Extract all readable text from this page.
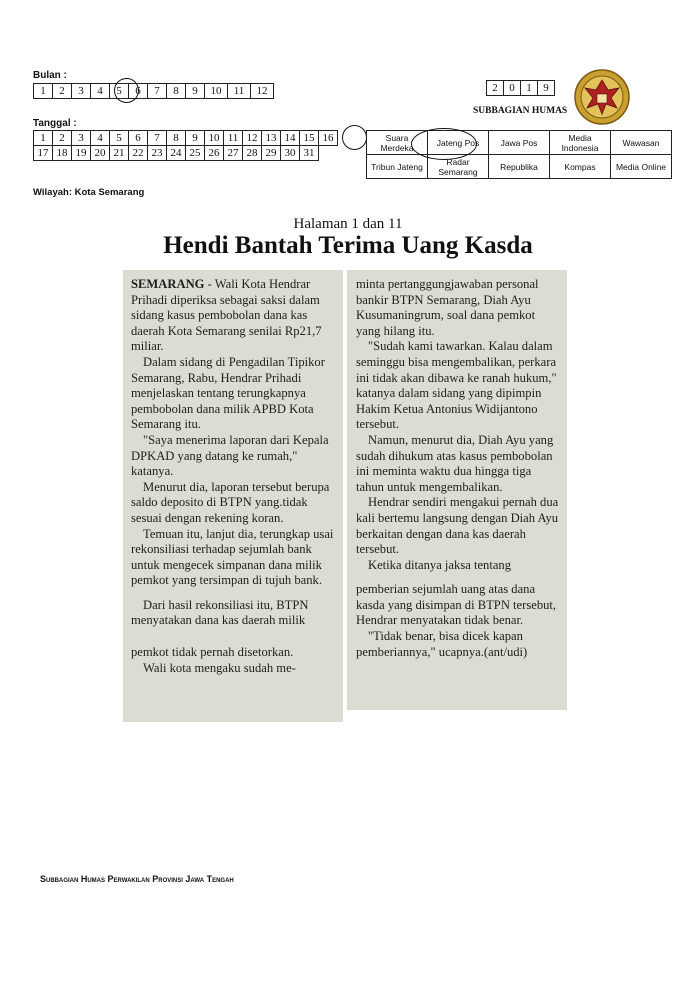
Bulan :
1	2	3	4	5	6	7	8	9	10	11	12	2	0	1	9
SUBBAGIAN HUMAS
Tanggal :
1	2	3	4	5	6	7	8	9	10	11	12	13	14	15	16
17	18	19	20	21	22	23	24	25	26	27	28	29	30	31	
Suara Merdeka	Jateng Pos	Jawa Pos	Media Indonesia	Wawasan
Tribun Jateng	Radar Semarang	Republika	Kompas	Media Online
Wilayah: Kota Semarang
Halaman 1 dan 11
Hendi Bantah Terima Uang Kasda

SEMARANG - Wali Kota Hendrar Prihadi diperiksa sebagai saksi dalam sidang kasus pembobolan dana kas daerah Kota Semarang senilai Rp21,7 miliar.

Dalam sidang di Pengadilan Tipikor Semarang, Rabu, Hendrar Prihadi menjelaskan tentang terungkapnya pembobolan dana milik APBD Kota Semarang itu.

"Saya menerima laporan dari Kepala DPKAD yang datang ke rumah," katanya.

Menurut dia, laporan tersebut berupa saldo deposito di BTPN yang.tidak sesuai dengan rekening koran.

Temuan itu, lanjut dia, terungkap usai rekonsiliasi terhadap sejumlah bank untuk mengecek simpanan dana milik pemkot yang tersimpan di tujuh bank.

Dari hasil rekonsiliasi itu, BTPN menyatakan dana kas daerah milik

pemkot tidak pernah disetorkan.

Wali kota mengaku sudah me-

minta pertanggungjawaban personal bankir BTPN Semarang, Diah Ayu Kusumaningrum, soal dana pemkot yang hilang itu.

"Sudah kami tawarkan. Kalau dalam seminggu bisa mengembalikan, perkara ini tidak akan dibawa ke ranah hukum," katanya dalam sidang yang dipimpin Hakim Ketua Antonius Widijantono tersebut.

Namun, menurut dia, Diah Ayu yang sudah dihukum atas kasus pembobolan ini meminta waktu dua hingga tiga tahun untuk mengembalikan.

Hendrar sendiri mengakui pernah dua kali bertemu langsung dengan Diah Ayu berkaitan dengan dana kas daerah tersebut.

Ketika ditanya jaksa tentang

pemberian sejumlah uang atas dana kasda yang disimpan di BTPN tersebut, Hendrar menyatakan tidak benar.

"Tidak benar, bisa dicek kapan pemberiannya," ucapnya.(ant/udi)

Subbagian Humas Perwakilan Provinsi Jawa Tengah
